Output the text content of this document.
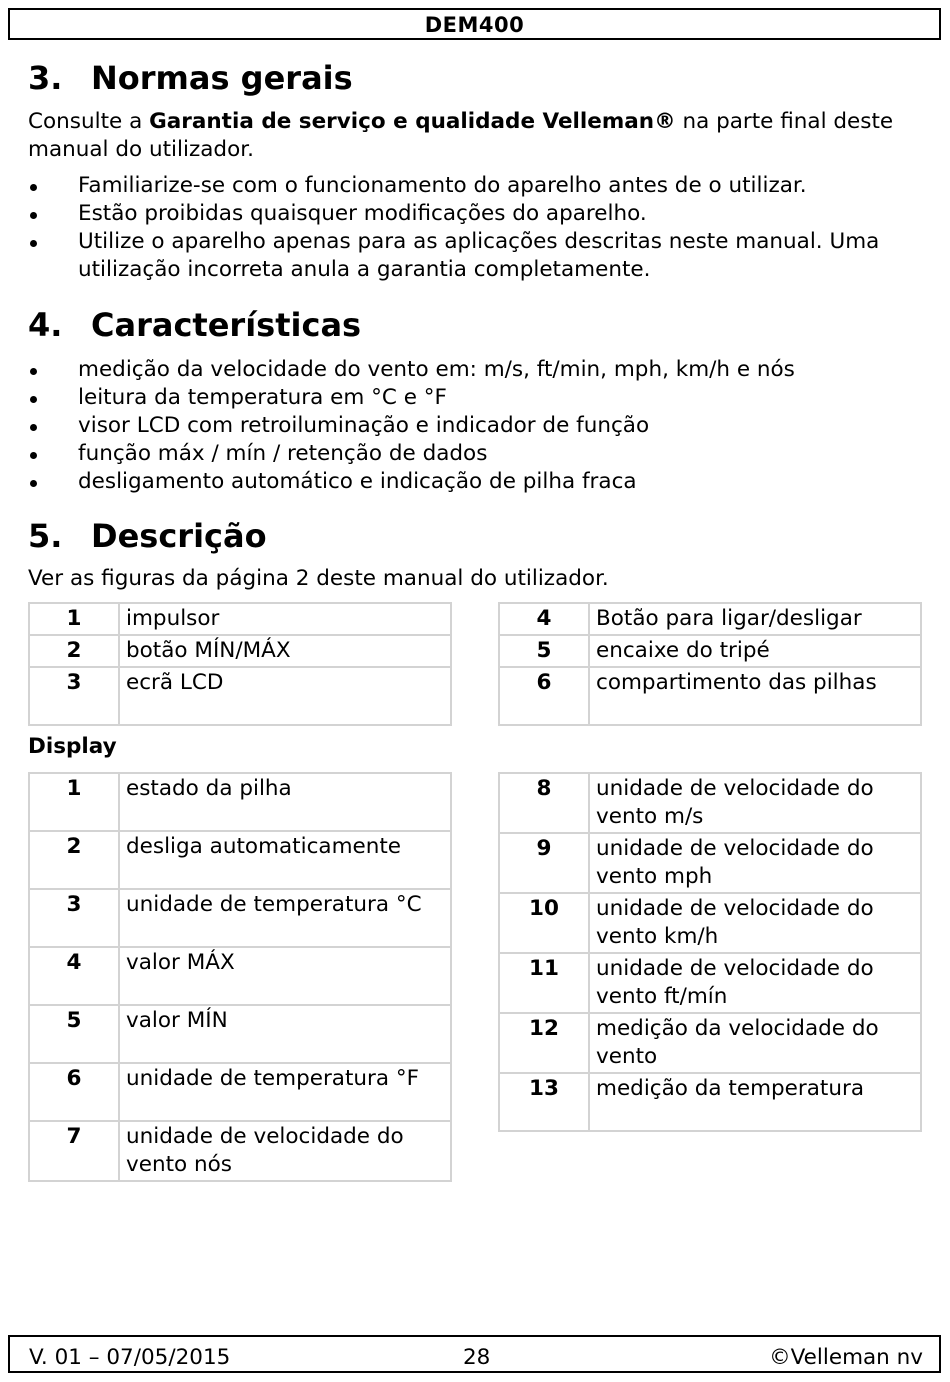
DEM400
3. Normas gerais

Consulte a Garantia de serviço e qualidade Velleman® na parte final deste manual do utilizador.

Familiarize-se com o funcionamento do aparelho antes de o utilizar.
Estão proibidas quaisquer modificações do aparelho.
Utilize o aparelho apenas para as aplicações descritas neste manual. Uma utilização incorreta anula a garantia completamente.
4. Características
medição da velocidade do vento em: m/s, ft/min, mph, km/h e nós
leitura da temperatura em °C e °F
visor LCD com retroiluminação e indicador de função
função máx / mín / retenção de dados
desligamento automático e indicação de pilha fraca
5. Descrição

Ver as figuras da página 2 deste manual do utilizador.

1	impulsor
2	botão MÍN/MÁX
3	ecrã LCD
4	Botão para ligar/desligar
5	encaixe do tripé
6	compartimento das pilhas
Display
1	estado da pilha
2	desliga automaticamente
3	unidade de temperatura °C
4	valor MÁX
5	valor MÍN
6	unidade de temperatura °F
7	unidade de velocidade do vento nós
8	unidade de velocidade do vento m/s
9	unidade de velocidade do vento mph
10	unidade de velocidade do vento km/h
11	unidade de velocidade do vento ft/mín
12	medição da velocidade do vento
13	medição da temperatura
V. 01 – 07/05/2015	28	©Velleman nv
